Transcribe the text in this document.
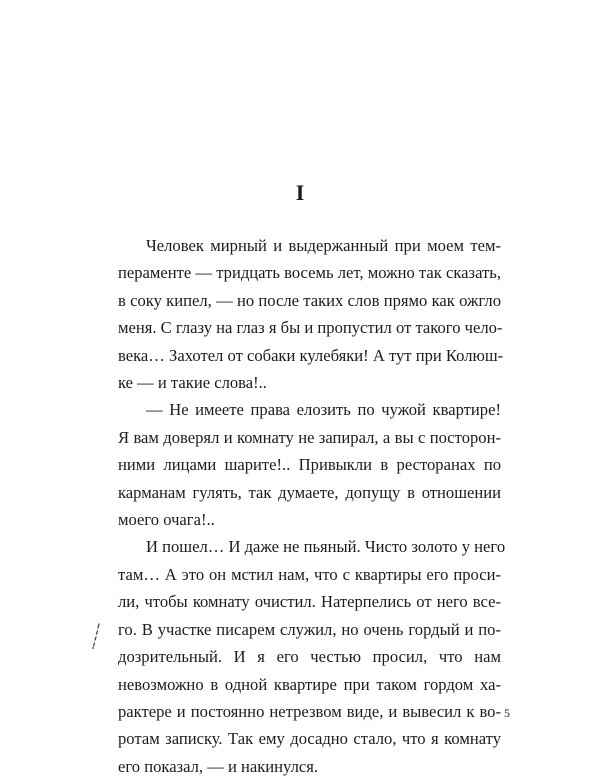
I
Человек мирный и выдержанный при моем тем-
пераменте — тридцать восемь лет, можно так сказать,
в соку кипел, — но после таких слов прямо как ожгло
меня. С глазу на глаз я бы и пропустил от такого чело-
века… Захотел от собаки кулебяки! А тут при Колюш-
ке — и такие слова!..
— Не имеете права елозить по чужой квартире!
Я вам доверял и комнату не запирал, а вы с посторон-
ними лицами шарите!.. Привыкли в ресторанах по
карманам гулять, так думаете, допущу в отношении
моего очага!..
И пошел… И даже не пьяный. Чисто золото у него
там… А это он мстил нам, что с квартиры его проси-
ли, чтобы комнату очистил. Натерпелись от него все-
го. В участке писарем служил, но очень гордый и по-
дозрительный. И я его честью просил, что нам
невозможно в одной квартире при таком гордом ха-
рактере и постоянно нетрезвом виде, и вывесил к во-
ротам записку. Так ему досадно стало, что я комнату
его показал, — и накинулся.
5
